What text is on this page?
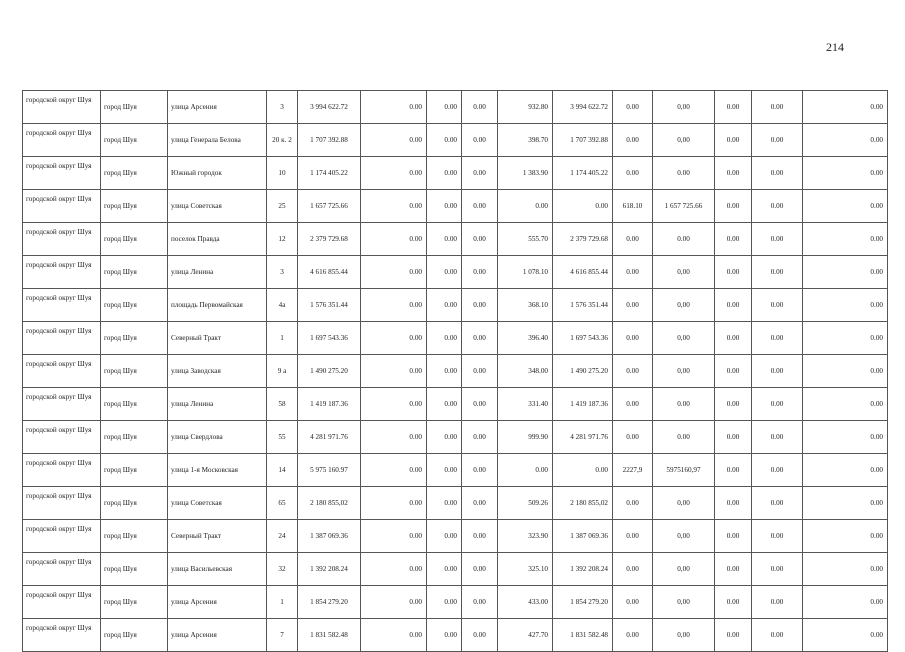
214
городской округ Шуя	город Шуя	улица Арсения	3	3 994 622.72	0.00	0.00	0.00	932.80	3 994 622.72	0.00	0,00	0.00	0.00	0.00
городской округ Шуя	город Шуя	улица Генерала Белова	20 к. 2	1 707 392.88	0.00	0.00	0.00	398.70	1 707 392.88	0.00	0,00	0.00	0.00	0.00
городской округ Шуя	город Шуя	Южный городок	10	1 174 405.22	0.00	0.00	0.00	1 383.90	1 174 405.22	0.00	0.00	0.00	0.00	0.00
городской округ Шуя	город Шуя	улица Советская	25	1 657 725.66	0.00	0.00	0.00	0.00	0.00	618.10	1 657 725.66	0.00	0.00	0.00
городской округ Шуя	город Шуя	поселок Правда	12	2 379 729.68	0.00	0.00	0.00	555.70	2 379 729.68	0.00	0.00	0.00	0.00	0.00
городской округ Шуя	город Шуя	улица Ленина	3	4 616 855.44	0.00	0.00	0.00	1 078.10	4 616 855.44	0.00	0,00	0.00	0.00	0.00
городской округ Шуя	город Шуя	площадь Первомайская	4а	1 576 351.44	0.00	0.00	0.00	368.10	1 576 351.44	0.00	0,00	0.00	0.00	0.00
городской округ Шуя	город Шуя	Северный Тракт	1	1 697 543.36	0.00	0.00	0.00	396.40	1 697 543.36	0.00	0,00	0.00	0.00	0.00
городской округ Шуя	город Шуя	улица Заводская	9 а	1 490 275.20	0.00	0.00	0.00	348.00	1 490 275.20	0.00	0,00	0.00	0.00	0.00
городской округ Шуя	город Шуя	улица Ленина	58	1 419 187.36	0.00	0.00	0.00	331.40	1 419 187.36	0.00	0.00	0.00	0.00	0.00
городской округ Шуя	город Шуя	улица Свердлова	55	4 281 971.76	0.00	0.00	0.00	999.90	4 281 971.76	0.00	0.00	0.00	0.00	0.00
городской округ Шуя	город Шуя	улица 1-я Московская	14	5 975 160.97	0.00	0.00	0.00	0.00	0.00	2227,9	5975160,97	0.00	0.00	0.00
городской округ Шуя	город Шуя	улица Советская	65	2 180 855,02	0.00	0.00	0.00	509.26	2 180 855,02	0.00	0,00	0.00	0.00	0.00
городской округ Шуя	город Шуя	Северный Тракт	24	1 387 069.36	0.00	0.00	0.00	323.90	1 387 069.36	0.00	0,00	0.00	0.00	0.00
городской округ Шуя	город Шуя	улица Васильевская	32	1 392 208.24	0.00	0.00	0.00	325.10	1 392 208.24	0.00	0,00	0.00	0.00	0.00
городской округ Шуя	город Шуя	улица Арсения	1	1 854 279.20	0.00	0.00	0.00	433.00	1 854 279.20	0.00	0,00	0.00	0.00	0.00
городской округ Шуя	город Шуя	улица Арсения	7	1 831 582.48	0.00	0.00	0.00	427.70	1 831 582.48	0.00	0,00	0.00	0.00	0.00
